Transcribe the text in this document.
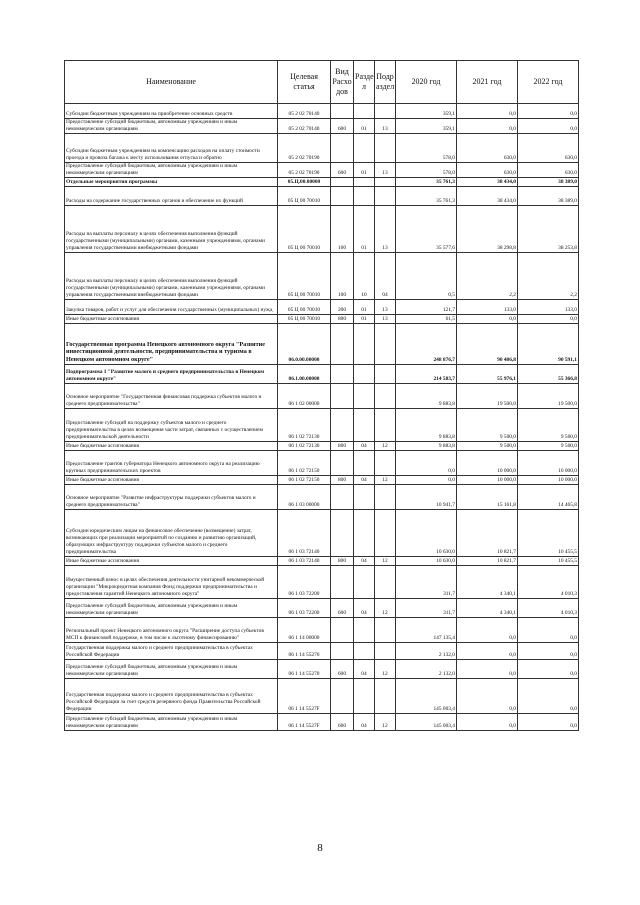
Наименование	Целевая статья	Вид Расхо дов	Разде л	Подр аздел	2020 год	2021 год	2022 год
Субсидии бюджетным учреждениям на приобретение основных средств	05 2 02 70140				359,1	0,0	0,0
Предоставление субсидий бюджетным, автономным учреждениям и иным некоммерческим организациям	05 2 02 70140	600	01	13	359,1	0,0	0,0
Субсидии бюджетным учреждениям на компенсацию расходов на оплату стоимости проезда и провоза багажа к месту использования отпуска и обратно	05 2 02 70190				578,0	630,0	630,0
Предоставление субсидий бюджетным, автономным учреждениям и иным некоммерческим организациям	05 2 02 70190	600	01	13	578,0	630,0	630,0
Отдельные мероприятия программы	05.Ц.00.00000				35 761,3	38 434,0	38 389,0
Расходы на содержание государственных органов и обеспечение их функций	05 Ц 00 70010				35 761,3	38 434,0	38 389,0
Расходы на выплаты персоналу в целях обеспечения выполнения функций государственными (муниципальными) органами, казенными учреждениями, органами управления государственными внебюджетными фондами	05 Ц 00 70010	100	01	13	35 577,6	38 298,8	38 253,8
Расходы на выплаты персоналу в целях обеспечения выполнения функций государственными (муниципальными) органами, казенными учреждениями, органами управления государственными внебюджетными фондами	05 Ц 00 70010	100	10	04	0,5	2,2	2,2
Закупка товаров, работ и услуг для обеспечения государственных (муниципальных) нужд	05 Ц 00 70010	200	01	13	121,7	133,0	133,0
Иные бюджетные ассигнования	05 Ц 00 70010	800	01	13	61,5	0,0	0,0
Государственная программа Ненецкого автономного округа "Развитие инвестиционной деятельности, предпринимательства и туризма в Ненецком автономном округе"	06.0.00.00000				248 876,7	90 486,8	90 591,1
Подпрограмма 1 "Развитие малого и среднего предпринимательства в Ненецком автономном округе"	06.1.00.00000				214 583,7	55 976,1	55 366,8
Основное мероприятие "Государственная финансовая поддержка субъектов малого и среднего предпринимательства"	06 1 02 00000				9 883,8	19 500,0	19 500,0
Предоставление субсидий на поддержку субъектов малого и среднего предпринимательства в целях возмещения части затрат, связанных с осуществлением предпринимательской деятельности	06 1 02 72130				9 883,8	9 500,0	9 500,0
Иные бюджетные ассигнования	06 1 02 72130	800	04	12	9 883,8	9 500,0	9 500,0
Предоставление грантов губернатора Ненецкого автономного округа на реализацию крупных предпринимательских проектов	06 1 02 72150				0,0	10 000,0	10 000,0
Иные бюджетные ассигнования	06 1 02 72150	800	04	12	0,0	10 000,0	10 000,0
Основное мероприятие "Развитие инфраструктуры поддержки субъектов малого и среднего предпринимательства"	06 1 03 00000				10 941,7	15 161,8	14 465,8
Субсидии юридическим лицам на финансовое обеспечение (возмещение) затрат, возникающих при реализации мероприятий по созданию и развитию организаций, образующих инфраструктуру поддержки субъектов малого и среднего предпринимательства	06 1 03 72140				10 630,0	10 821,7	10 455,5
Иные бюджетные ассигнования	06 1 03 72140	800	04	12	10 630,0	10 821,7	10 455,5
Имущественный взнос в целях обеспечения деятельности унитарной некоммерческой организации "Микрокредитная компания Фонд поддержки предпринимательства и предоставления гарантий Ненецкого автономного округа"	06 1 03 72200				311,7	4 340,1	4 010,3
Предоставление субсидий бюджетным, автономным учреждениям и иным некоммерческим организациям	06 1 03 72200	600	04	12	311,7	4 340,1	4 010,3
Региональный проект Ненецкого автономного округа "Расширение доступа субъектов МСП к финансовой поддержке, в том числе к льготному финансированию"	06 1 14 00000				147 135,4	0,0	0,0
Государственная поддержка малого и среднего предпринимательства в субъектах Российской Федерации	06 1 14 55270				2 132,0	0,0	0,0
Предоставление субсидий бюджетным, автономным учреждениям и иным некоммерческим организациям	06 1 14 55270	600	04	12	2 132,0	0,0	0,0
Государственная поддержка малого и среднего предпринимательства в субъектах Российской Федерации за счет средств резервного фонда Правительства Российской Федерации	06 1 14 5527F				145 003,4	0,0	0,0
Предоставление субсидий бюджетным, автономным учреждениям и иным некоммерческим организациям	06 1 14 5527F	600	04	12	145 003,4	0,0	0,0
8
